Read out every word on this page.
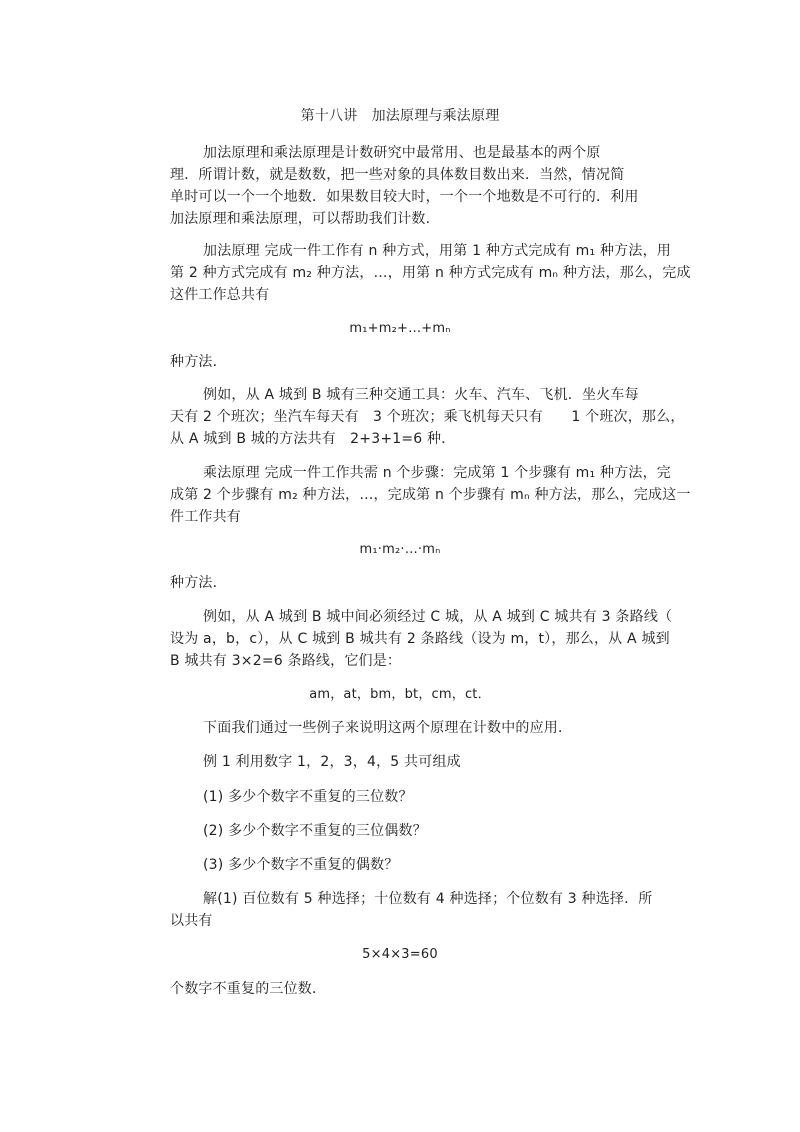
第十八讲　加法原理与乘法原理
加法原理和乘法原理是计数研究中最常用、也是最基本的两个原
理．所谓计数，就是数数，把一些对象的具体数目数出来．当然，情况简
单时可以一个一个地数．如果数目较大时，一个一个地数是不可行的．利用
加法原理和乘法原理，可以帮助我们计数.
加法原理 完成一件工作有 n 种方式，用第 1 种方式完成有 m₁ 种方法，用
第 2 种方式完成有 m₂ 种方法，…，用第 n 种方式完成有 mₙ 种方法，那么，完成
这件工作总共有
m₁+m₂+…+mₙ
种方法．
例如，从 A 城到 B 城有三种交通工具：火车、汽车、飞机．坐火车每
天有 2 个班次；坐汽车每天有　3 个班次；乘飞机每天只有　　1 个班次，那么，
从 A 城到 B 城的方法共有　2+3+1=6 种．
乘法原理 完成一件工作共需 n 个步骤：完成第 1 个步骤有 m₁ 种方法，完
成第 2 个步骤有 m₂ 种方法，…，完成第 n 个步骤有 mₙ 种方法，那么，完成这一
件工作共有
m₁·m₂·…·mₙ
种方法．
例如，从 A 城到 B 城中间必须经过 C 城，从 A 城到 C 城共有 3 条路线（
设为 a，b，c），从 C 城到 B 城共有 2 条路线（设为 m，t），那么，从 A 城到
B 城共有 3×2=6 条路线，它们是：
am，at，bm，bt，cm，ct．
下面我们通过一些例子来说明这两个原理在计数中的应用．
例 1 利用数字 1，2，3，4，5 共可组成
(1) 多少个数字不重复的三位数？
(2) 多少个数字不重复的三位偶数？
(3) 多少个数字不重复的偶数？
解(1) 百位数有 5 种选择；十位数有 4 种选择；个位数有 3 种选择．所
以共有
5×4×3=60
个数字不重复的三位数．
